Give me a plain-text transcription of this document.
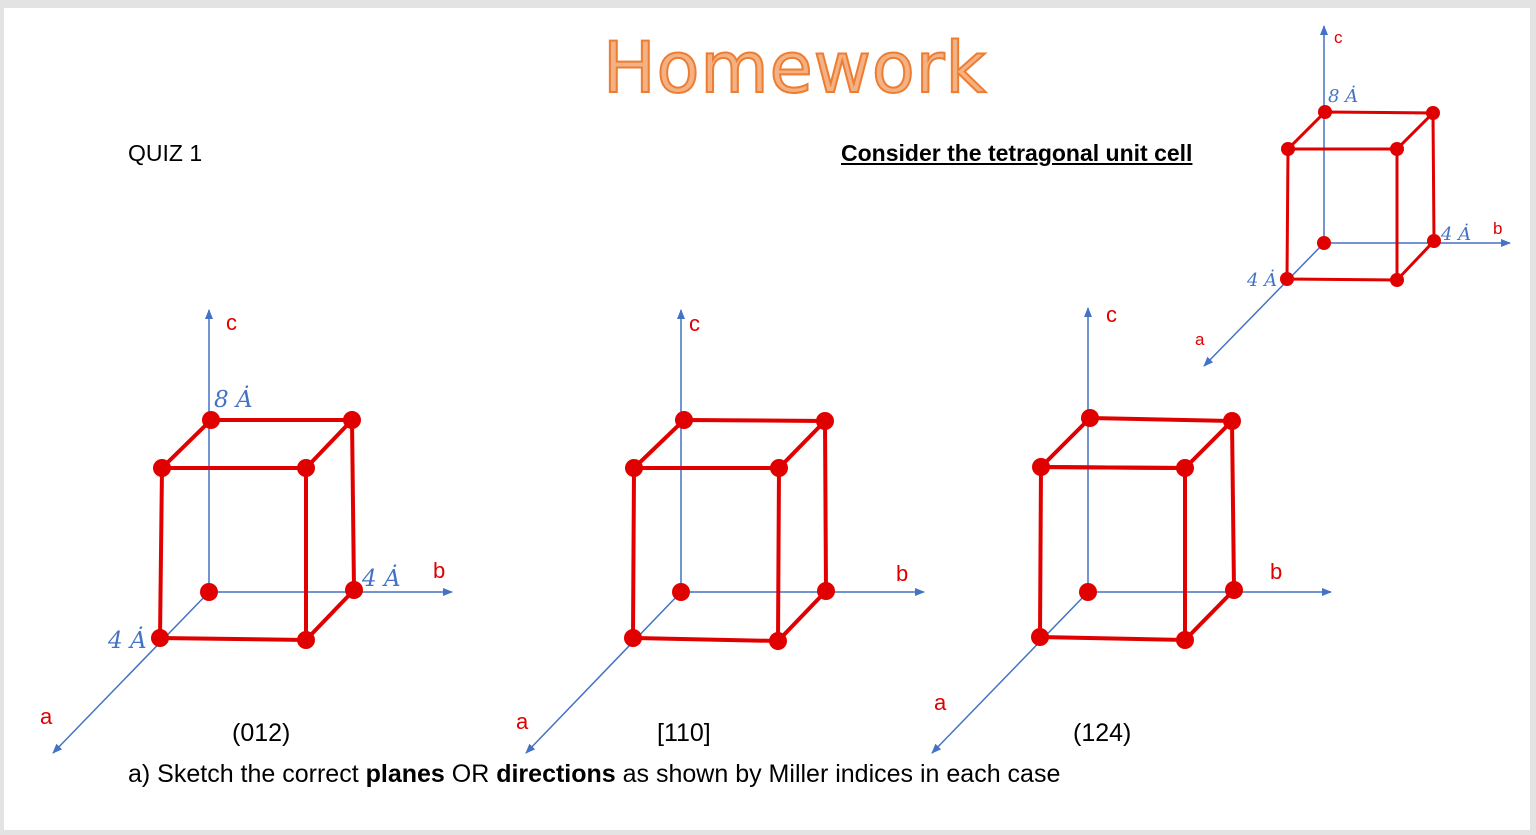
Homework
QUIZ 1	Consider the tetragonal unit cell
c
b
a
8 Ȧ
4 Ȧ
4 Ȧ
(012)
c
b
a	[110]
c
b
a
(124)
c
b
a
8 Ȧ
4 Ȧ
4 Ȧ
a) Sketch the correct planes OR directions as shown by Miller indices in each case
